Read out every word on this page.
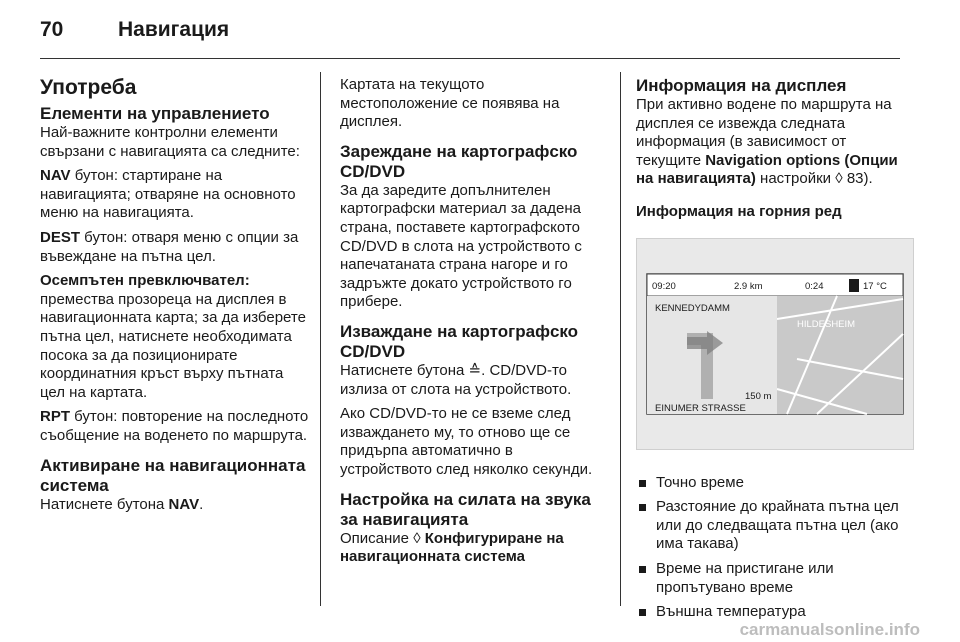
70	Навигация
Употреба
Елементи на управлението

Най-важните контролни елементи свързани с навигацията са следните:

NAV бутон: стартиране на навигацията; отваряне на основното меню на навигацията.

DEST бутон: отваря меню с опции за въвеждане на пътна цел.

Осемпътен превключвател:

премества прозореца на дисплея в навигационната карта; за да изберете пътна цел, натиснете необходимата посока за да позиционирате координатния кръст върху пътната цел на картата.

RPT бутон: повторение на последното съобщение на воденето по маршрута.

Активиране на навигационната система

Натиснете бутона NAV.

Картата на текущото местоположение се появява на дисплея.

Зареждане на картографско CD/DVD

За да заредите допълнителен картографски материал за дадена страна, поставете картографското CD/DVD в слота на устройството с напечатаната страна нагоре и го задръжте докато устройството го прибере.

Изваждане на картографско CD/DVD

Натиснете бутона ≙. CD/DVD-то излиза от слота на устройството.

Ако CD/DVD-то не се вземе след изваждането му, то отново ще се придърпа автоматично в устройството след няколко секунди.

Настройка на силата на звука за навигацията

Описание ◊ Конфигуриране на навигационната система

Информация на дисплея

При активно водене по маршрута на дисплея се извежда следната информация (в зависимост от текущите Navigation options (Опции на навигацията) настройки ◊ 83).

Информация на горния ред
09:20	2.9 km	0:24	17 °C
KENNEDYDAMM
HILDESHEIM
150 m
EINUMER STRASSE
Точно време
Разстояние до крайната пътна цел или до следващата пътна цел (ако има такава)
Време на пристигане или пропътувано време
Външна температура
carmanualsonline.info
